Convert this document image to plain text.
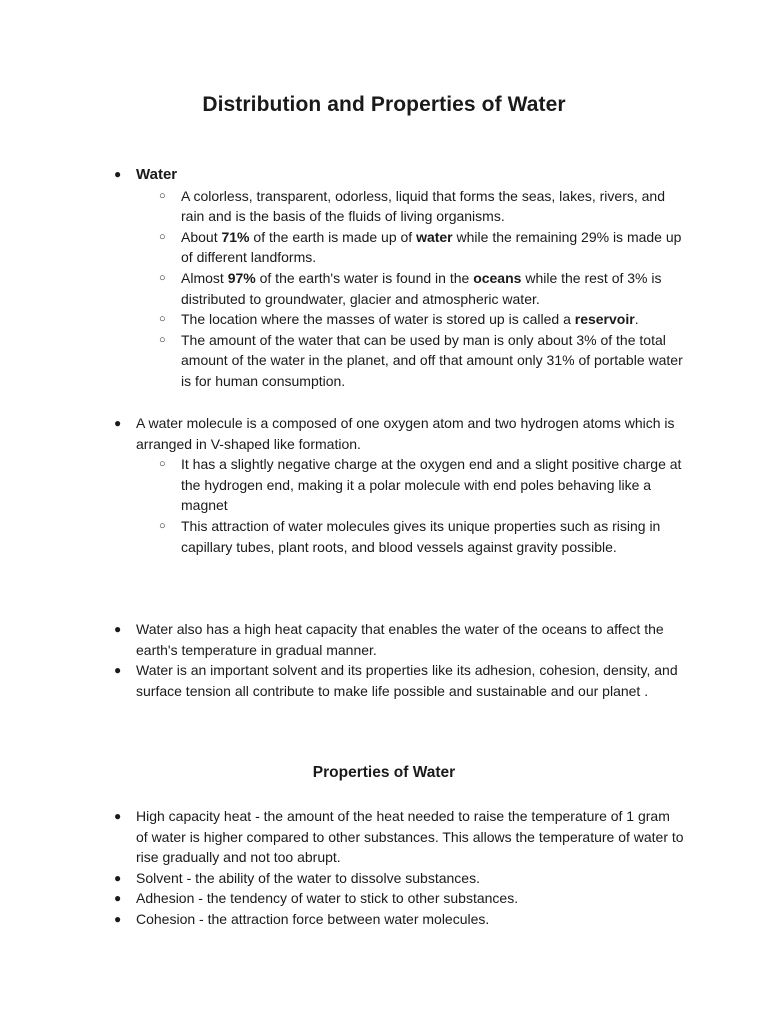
Distribution and Properties of Water
● Water
○	A colorless, transparent, odorless, liquid that forms the seas, lakes, rivers, and rain and is the basis of the fluids of living organisms.
○	About 71% of the earth is made up of water while the remaining 29% is made up of different landforms.
○	Almost 97% of the earth's water is found in the oceans while the rest of 3% is distributed to groundwater, glacier and atmospheric water.
○	The location where the masses of water is stored up is called a reservoir.
○	The amount of the water that can be used by man is only about 3% of the total amount of the water in the planet, and off that amount only 31% of portable water is for human consumption.
●	A water molecule is a composed of one oxygen atom and two hydrogen atoms which is arranged in V-shaped like formation.
○	It has a slightly negative charge at the oxygen end and a slight positive charge at the hydrogen end, making it a polar molecule with end poles behaving like a magnet
○	This attraction of water molecules gives its unique properties such as rising in capillary tubes, plant roots, and blood vessels against gravity possible.
●	Water also has a high heat capacity that enables the water of the oceans to affect the earth's temperature in gradual manner.
●	Water is an important solvent and its properties like its adhesion, cohesion, density, and surface tension all contribute to make life possible and sustainable and our planet .
Properties of Water
●	High capacity heat - the amount of the heat needed to raise the temperature of 1 gram of water is higher compared to other substances. This allows the temperature of water to rise gradually and not too abrupt.
●	Solvent - the ability of the water to dissolve substances.
●	Adhesion - the tendency of water to stick to other substances.
●	Cohesion - the attraction force between water molecules.
